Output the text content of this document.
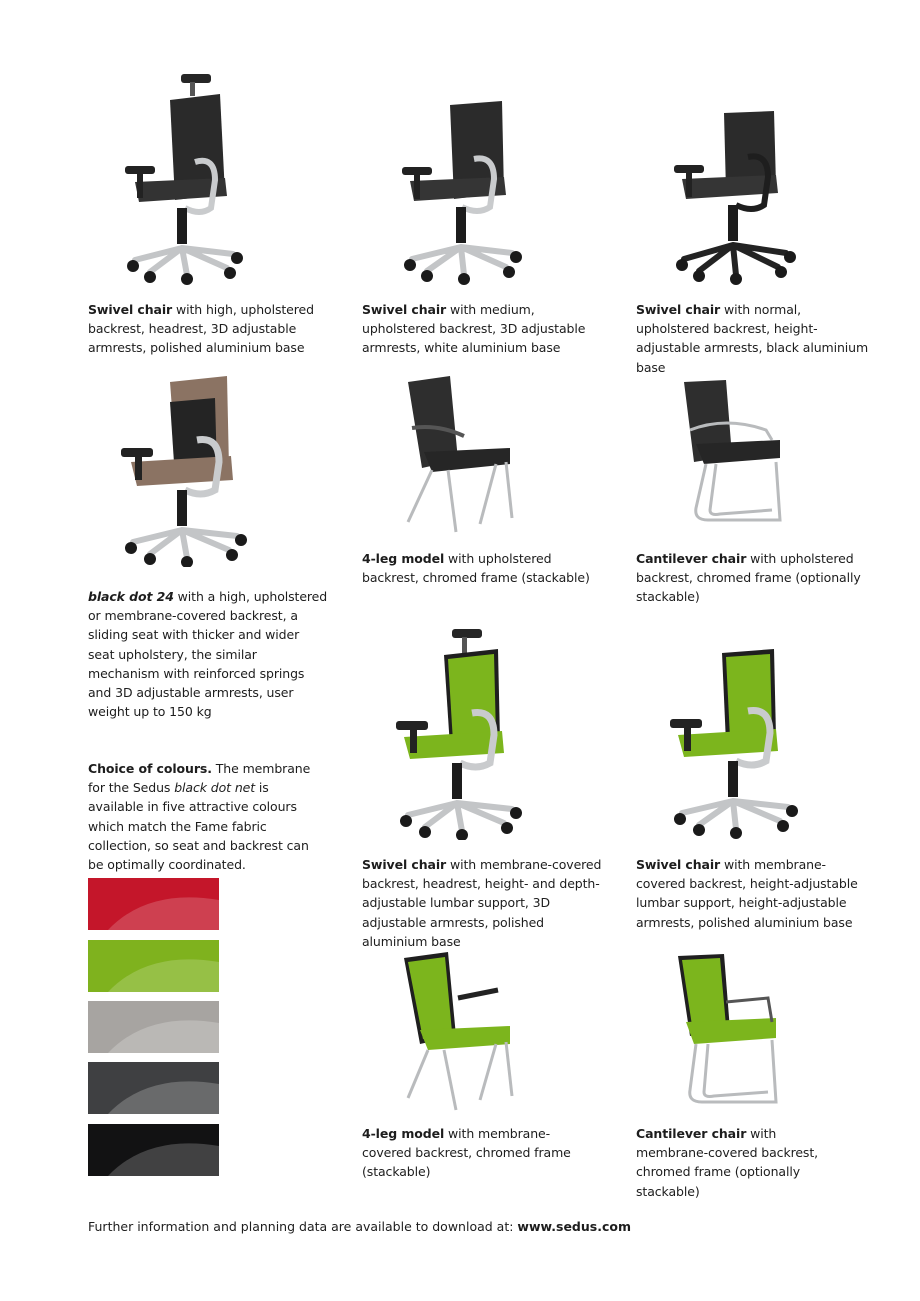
Swivel chair with high, upholstered backrest, headrest, 3D adjustable armrests, polished aluminium base
Swivel chair with medium, upholstered backrest, 3D adjustable armrests, white aluminium base
Swivel chair with normal, upholstered backrest, height-adjustable armrests, black aluminium base
black dot 24 with a high, upholstered or membrane-covered backrest, a sliding seat with thicker and wider seat upholstery, the similar mechanism with reinforced springs and 3D adjustable armrests, user weight up to 150 kg
4-leg model with upholstered backrest, chromed frame (stackable)
Cantilever chair with upholstered backrest, chromed frame (optionally stackable)
Swivel chair with membrane-covered backrest, headrest, height- and depth-adjustable lumbar support, 3D adjustable armrests, polished aluminium base
Swivel chair with membrane-covered backrest, height-adjustable lumbar support, height-adjustable armrests, polished aluminium base
4-leg model with membrane-covered backrest, chromed frame (stackable)
Cantilever chair with membrane-covered backrest, chromed frame (optionally stackable)
Choice of colours. The membrane for the Sedus black dot net is available in five attractive colours which match the Fame fabric collection, so seat and backrest can be optimally coordinated.
Further information and planning data are available to download at: www.sedus.com
